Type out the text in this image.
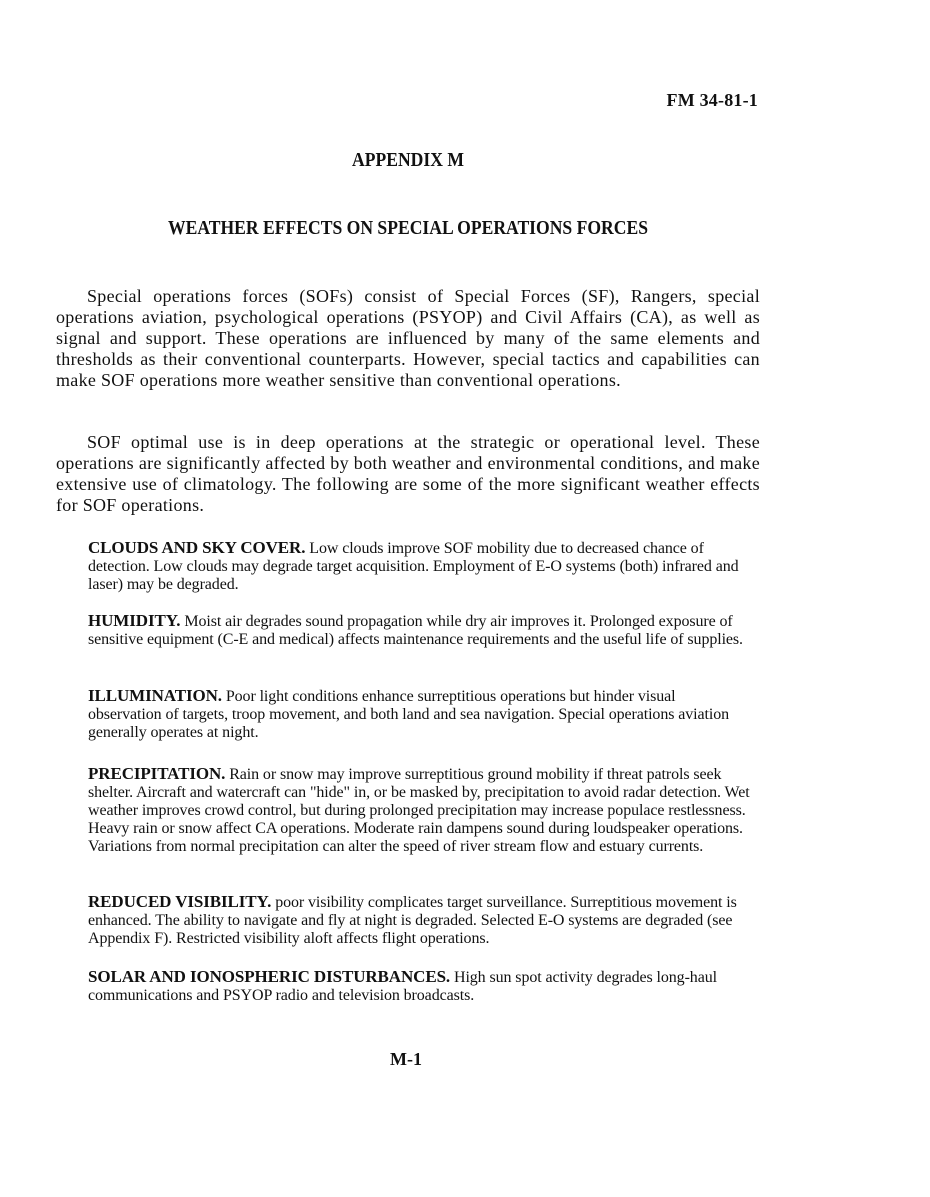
FM 34-81-1
APPENDIX M
WEATHER EFFECTS ON SPECIAL OPERATIONS FORCES

Special operations forces (SOFs) consist of Special Forces (SF), Rangers, special operations aviation, psychological operations (PSYOP) and Civil Affairs (CA), as well as signal and support. These operations are influenced by many of the same elements and thresholds as their conventional counterparts. However, special tactics and capabilities can make SOF operations more weather sensitive than conventional operations.

SOF optimal use is in deep operations at the strategic or operational level. These operations are significantly affected by both weather and environmental conditions, and make extensive use of climatology. The following are some of the more significant weather effects for SOF operations.

CLOUDS AND SKY COVER. Low clouds improve SOF mobility due to decreased chance of detection. Low clouds may degrade target acquisition. Employment of E-O systems (both) infrared and laser) may be degraded.

HUMIDITY. Moist air degrades sound propagation while dry air improves it. Prolonged exposure of sensitive equipment (C-E and medical) affects maintenance requirements and the useful life of supplies.

ILLUMINATION. Poor light conditions enhance surreptitious operations but hinder visual observation of targets, troop movement, and both land and sea navigation. Special operations aviation generally operates at night.

PRECIPITATION. Rain or snow may improve surreptitious ground mobility if threat patrols seek shelter. Aircraft and watercraft can "hide" in, or be masked by, precipitation to avoid radar detection. Wet weather improves crowd control, but during prolonged precipitation may increase populace restlessness. Heavy rain or snow affect CA operations. Moderate rain dampens sound during loudspeaker operations. Variations from normal precipitation can alter the speed of river stream flow and estuary currents.

REDUCED VISIBILITY. poor visibility complicates target surveillance. Surreptitious movement is enhanced. The ability to navigate and fly at night is degraded. Selected E-O systems are degraded (see Appendix F). Restricted visibility aloft affects flight operations.

SOLAR AND IONOSPHERIC DISTURBANCES. High sun spot activity degrades long-haul communications and PSYOP radio and television broadcasts.

M-1
